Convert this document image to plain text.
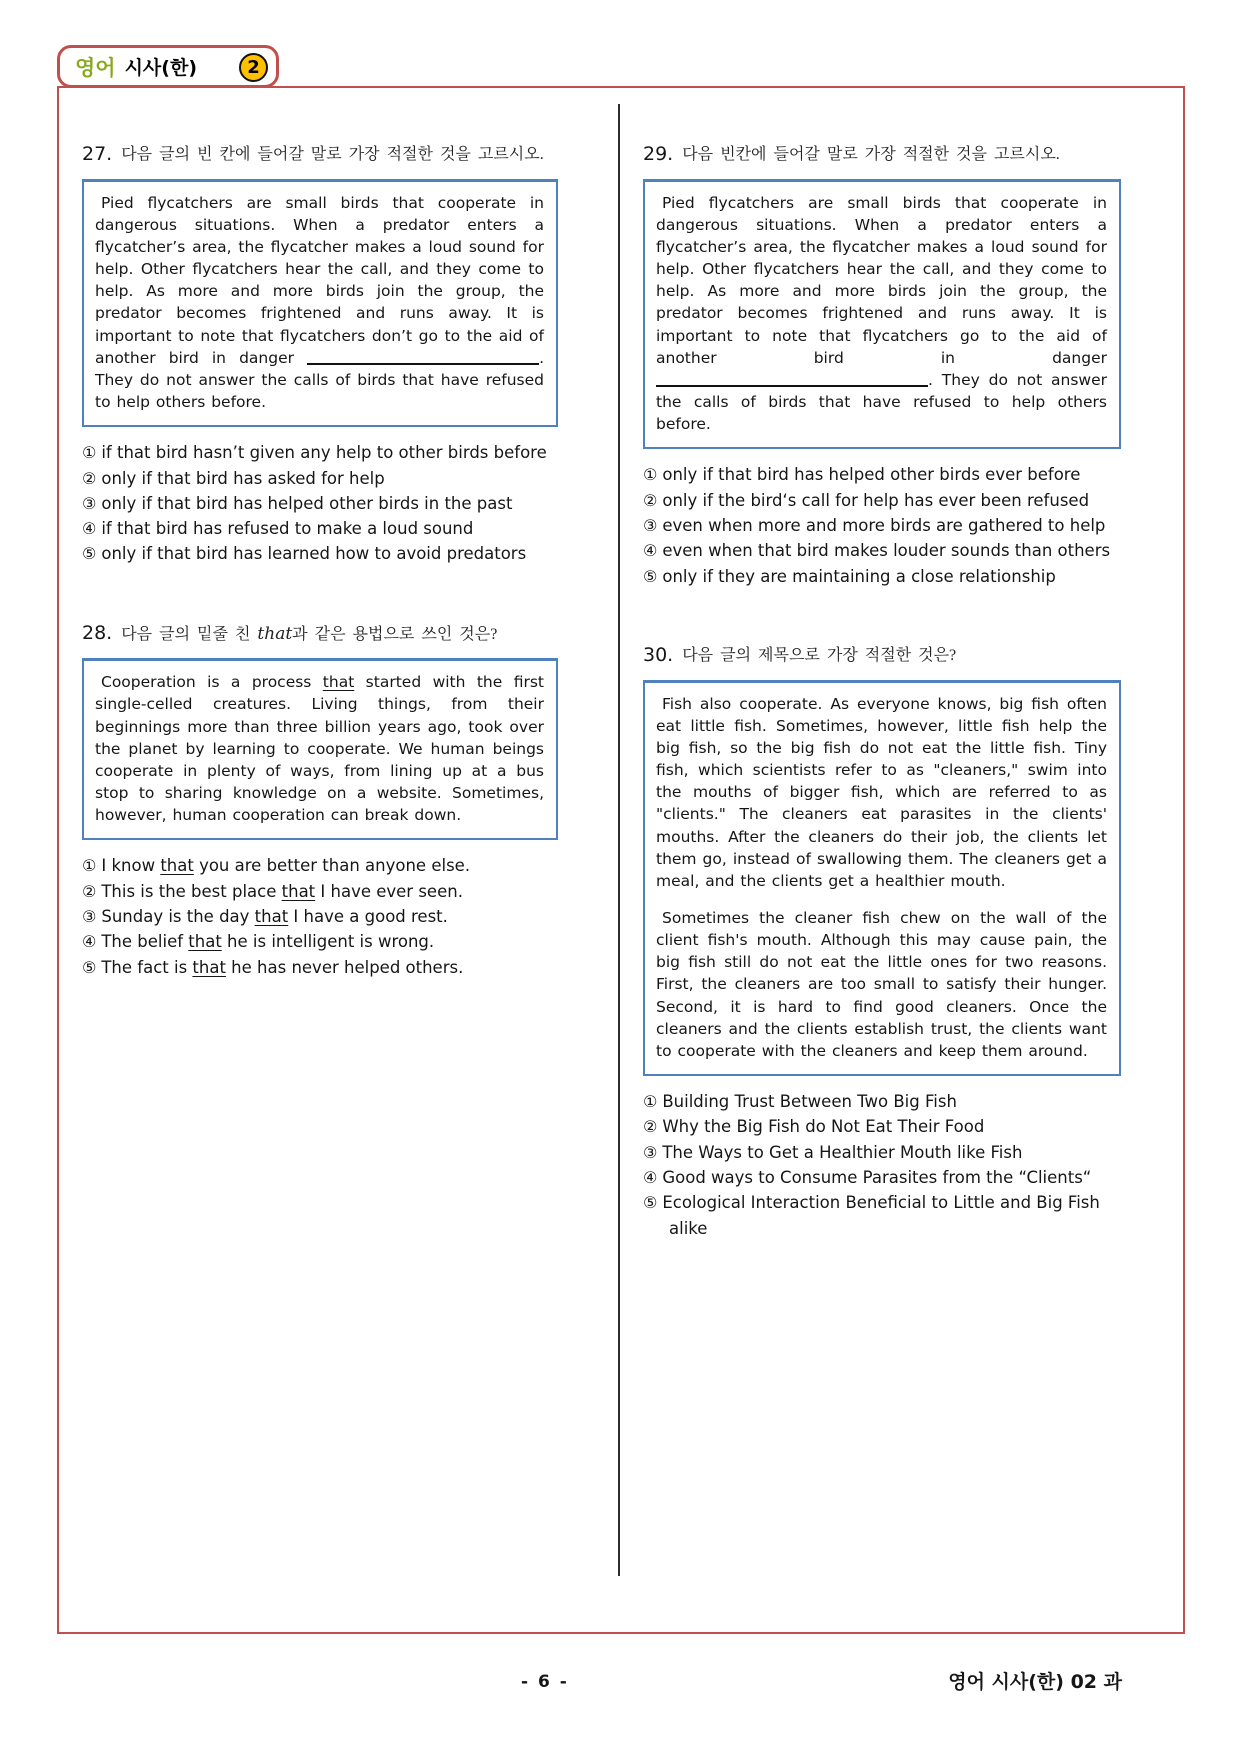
영어 시사(한)	2
27. 다음 글의 빈 칸에 들어갈 말로 가장 적절한 것을 고르시오.

Pied flycatchers are small birds that cooperate in dangerous situations. When a predator enters a flycatcher’s area, the flycatcher makes a loud sound for help. Other flycatchers hear the call, and they come to help. As more and more birds join the group, the predator becomes frightened and runs away. It is important to note that flycatchers don’t go to the aid of another bird in danger	. They do not answer the calls of birds that have refused to help others before.

① if that bird hasn’t given any help to other birds before
② only if that bird has asked for help
③ only if that bird has helped other birds in the past
④ if that bird has refused to make a loud sound
⑤ only if that bird has learned how to avoid predators
28. 다음 글의 밑줄 친 that과 같은 용법으로 쓰인 것은?

Cooperation is a process that started with the first single-celled creatures. Living things, from their beginnings more than three billion years ago, took over the planet by learning to cooperate. We human beings cooperate in plenty of ways, from lining up at a bus stop to sharing knowledge on a website. Sometimes, however, human cooperation can break down.

① I know that you are better than anyone else.
② This is the best place that I have ever seen.
③ Sunday is the day that I have a good rest.
④ The belief that he is intelligent is wrong.
⑤ The fact is that he has never helped others.
29. 다음 빈칸에 들어갈 말로 가장 적절한 것을 고르시오.

Pied flycatchers are small birds that cooperate in dangerous situations. When a predator enters a flycatcher’s area, the flycatcher makes a loud sound for help. Other flycatchers hear the call, and they come to help. As more and more birds join the group, the predator becomes frightened and runs away. It is important to note that flycatchers go to the aid of another bird in danger . They do not answer the calls of birds that have refused to help others before.

① only if that bird has helped other birds ever before
② only if the bird‘s call for help has ever been refused
③ even when more and more birds are gathered to help
④ even when that bird makes louder sounds than others
⑤ only if they are maintaining a close relationship
30. 다음 글의 제목으로 가장 적절한 것은?

Fish also cooperate. As everyone knows, big fish often eat little fish. Sometimes, however, little fish help the big fish, so the big fish do not eat the little fish. Tiny fish, which scientists refer to as "cleaners," swim into the mouths of bigger fish, which are referred to as "clients." The cleaners eat parasites in the clients' mouths. After the cleaners do their job, the clients let them go, instead of swallowing them. The cleaners get a meal, and the clients get a healthier mouth.

Sometimes the cleaner fish chew on the wall of the client fish's mouth. Although this may cause pain, the big fish still do not eat the little ones for two reasons. First, the cleaners are too small to satisfy their hunger. Second, it is hard to find good cleaners. Once the cleaners and the clients establish trust, the clients want to cooperate with the cleaners and keep them around.

① Building Trust Between Two Big Fish
② Why the Big Fish do Not Eat Their Food
③ The Ways to Get a Healthier Mouth like Fish
④ Good ways to Consume Parasites from the “Clients“
⑤ Ecological Interaction Beneficial to Little and Big Fish alike
- 6 -	영어 시사(한) 02 과
